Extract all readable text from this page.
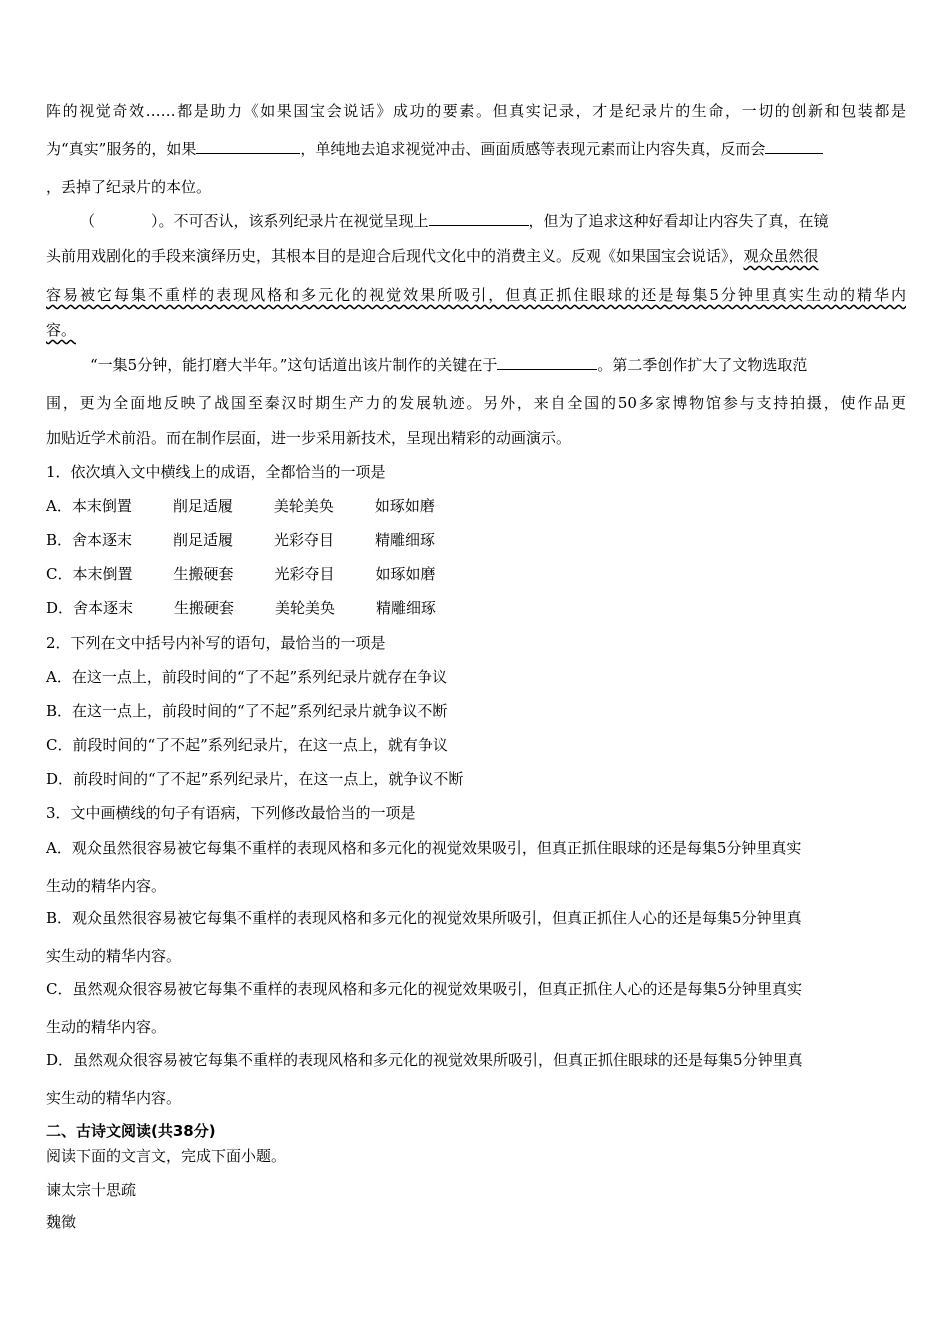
阵的视觉奇效……都是助力《如果国宝会说话》成功的要素。但真实记录，才是纪录片的生命，一切的创新和包装都是
为“真实”服务的，如果	，单纯地去追求视觉冲击、画面质感等表现元素而让内容失真，反而会
，丢掉了纪录片的本位。
（	）。不可否认，该系列纪录片在视觉呈现上	，但为了追求这种好看却让内容失了真，在镜
头前用戏剧化的手段来演绎历史，其根本目的是迎合后现代文化中的消费主义。反观《如果国宝会说话》，观众虽然很
容易被它每集不重样的表现风格和多元化的视觉效果所吸引，但真正抓住眼球的还是每集5分钟里真实生动的精华内
容。
“一集5分钟，能打磨大半年。”这句话道出该片制作的关键在于	。第二季创作扩大了文物选取范
围，更为全面地反映了战国至秦汉时期生产力的发展轨迹。另外，来自全国的50多家博物馆参与支持拍摄，使作品更
加贴近学术前沿。而在制作层面，进一步采用新技术，呈现出精彩的动画演示。
1．依次填入文中横线上的成语，全都恰当的一项是
A．本末倒置	削足适履	美轮美奂	如琢如磨
B．舍本逐末	削足适履	光彩夺目	精雕细琢
C．本末倒置	生搬硬套	光彩夺目	如琢如磨
D．舍本逐末	生搬硬套	美轮美奂	精雕细琢
2．下列在文中括号内补写的语句，最恰当的一项是
A．在这一点上，前段时间的“了不起”系列纪录片就存在争议
B．在这一点上，前段时间的“了不起”系列纪录片就争议不断
C．前段时间的“了不起”系列纪录片，在这一点上，就有争议
D．前段时间的“了不起”系列纪录片，在这一点上，就争议不断
3．文中画横线的句子有语病，下列修改最恰当的一项是
A．观众虽然很容易被它每集不重样的表现风格和多元化的视觉效果吸引，但真正抓住眼球的还是每集5分钟里真实
生动的精华内容。
B．观众虽然很容易被它每集不重样的表现风格和多元化的视觉效果所吸引，但真正抓住人心的还是每集5分钟里真
实生动的精华内容。
C．虽然观众很容易被它每集不重样的表现风格和多元化的视觉效果吸引，但真正抓住人心的还是每集5分钟里真实
生动的精华内容。
D．虽然观众很容易被它每集不重样的表现风格和多元化的视觉效果所吸引，但真正抓住眼球的还是每集5分钟里真
实生动的精华内容。
二、古诗文阅读(共38分)
阅读下面的文言文，完成下面小题。
谏太宗十思疏
魏徵
